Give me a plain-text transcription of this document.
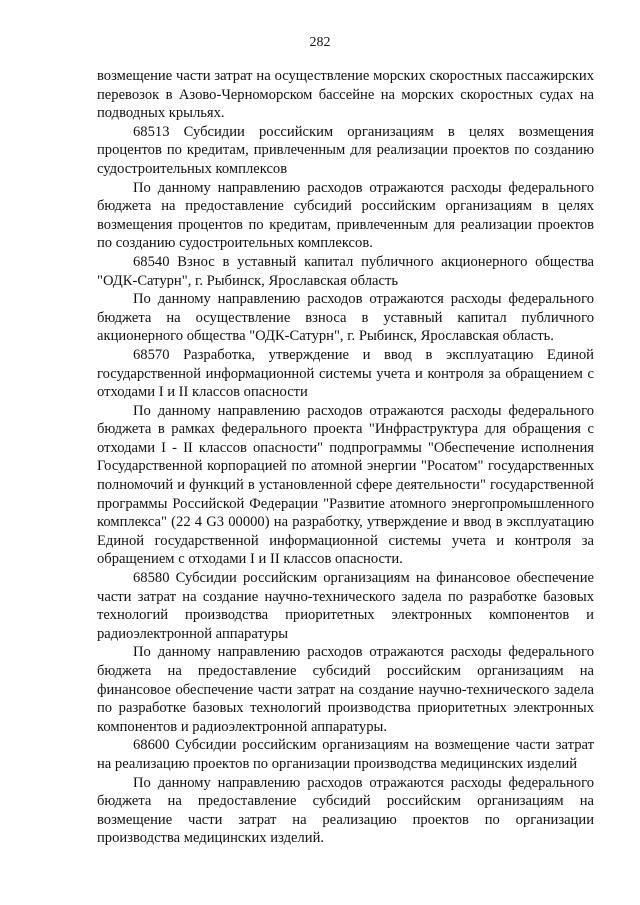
282

возмещение части затрат на осуществление морских скоростных пассажирских перевозок в Азово-Черноморском бассейне на морских скоростных судах на подводных крыльях.

68513 Субсидии российским организациям в целях возмещения процентов по кредитам, привлеченным для реализации проектов по созданию судостроительных комплексов

По данному направлению расходов отражаются расходы федерального бюджета на предоставление субсидий российским организациям в целях возмещения процентов по кредитам, привлеченным для реализации проектов по созданию судостроительных комплексов.

68540 Взнос в уставный капитал публичного акционерного общества "ОДК-Сатурн", г. Рыбинск, Ярославская область

По данному направлению расходов отражаются расходы федерального бюджета на осуществление взноса в уставный капитал публичного акционерного общества "ОДК-Сатурн", г. Рыбинск, Ярославская область.

68570 Разработка, утверждение и ввод в эксплуатацию Единой государственной информационной системы учета и контроля за обращением с отходами I и II классов опасности

По данному направлению расходов отражаются расходы федерального бюджета в рамках федерального проекта "Инфраструктура для обращения с отходами I - II классов опасности" подпрограммы "Обеспечение исполнения Государственной корпорацией по атомной энергии "Росатом" государственных полномочий и функций в установленной сфере деятельности" государственной программы Российской Федерации "Развитие атомного энергопромышленного комплекса" (22 4 G3 00000) на разработку, утверждение и ввод в эксплуатацию Единой государственной информационной системы учета и контроля за обращением с отходами I и II классов опасности.

68580 Субсидии российским организациям на финансовое обеспечение части затрат на создание научно-технического задела по разработке базовых технологий производства приоритетных электронных компонентов и радиоэлектронной аппаратуры

По данному направлению расходов отражаются расходы федерального бюджета на предоставление субсидий российским организациям на финансовое обеспечение части затрат на создание научно-технического задела по разработке базовых технологий производства приоритетных электронных компонентов и радиоэлектронной аппаратуры.

68600 Субсидии российским организациям на возмещение части затрат на реализацию проектов по организации производства медицинских изделий

По данному направлению расходов отражаются расходы федерального бюджета на предоставление субсидий российским организациям на возмещение части затрат на реализацию проектов по организации производства медицинских изделий.
